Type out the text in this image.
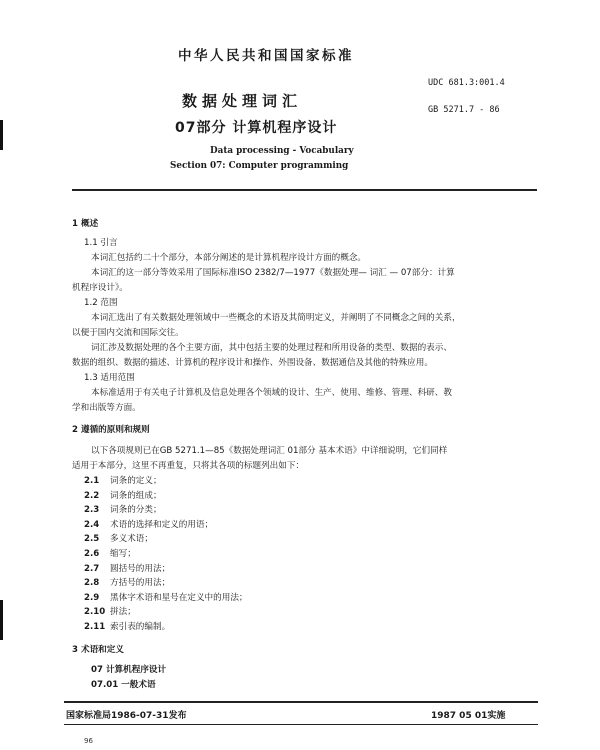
中华人民共和国国家标准
UDC 681.3:001.4
数据处理词汇	GB 5271.7 - 86
07部分 计算机程序设计
Data processing - Vocabulary
Section 07: Computer programming
1 概述
1.1 引言
本词汇包括约二十个部分，本部分阐述的是计算机程序设计方面的概念。
本词汇的这一部分等效采用了国际标准ISO 2382/7—1977《数据处理— 词汇 — 07部分：计算
机程序设计》。
1.2 范围
本词汇选出了有关数据处理领域中一些概念的术语及其简明定义，并阐明了不同概念之间的关系，
以便于国内交流和国际交往。
词汇涉及数据处理的各个主要方面，其中包括主要的处理过程和所用设备的类型、数据的表示、
数据的组织、数据的描述、计算机的程序设计和操作、外围设备、数据通信及其他的特殊应用。
1.3 适用范围
本标准适用于有关电子计算机及信息处理各个领域的设计、生产、使用、维修、管理、科研、教
学和出版等方面。
2 遵循的原则和规则
以下各项规则已在GB 5271.1—85《数据处理词汇 01部分 基本术语》中详细说明，它们同样
适用于本部分，这里不再重复，只将其各项的标题列出如下：
2.1 词条的定义；
2.2 词条的组成；
2.3 词条的分类；
2.4 术语的选择和定义的用语；
2.5 多义术语；
2.6 缩写；
2.7 圆括号的用法；
2.8 方括号的用法；
2.9 黑体字术语和星号在定义中的用法；
2.10 拼法；
2.11 索引表的编制。
3 术语和定义
07 计算机程序设计
07.01 一般术语
国家标准局1986-07-31发布	1987 05 01实施
96
